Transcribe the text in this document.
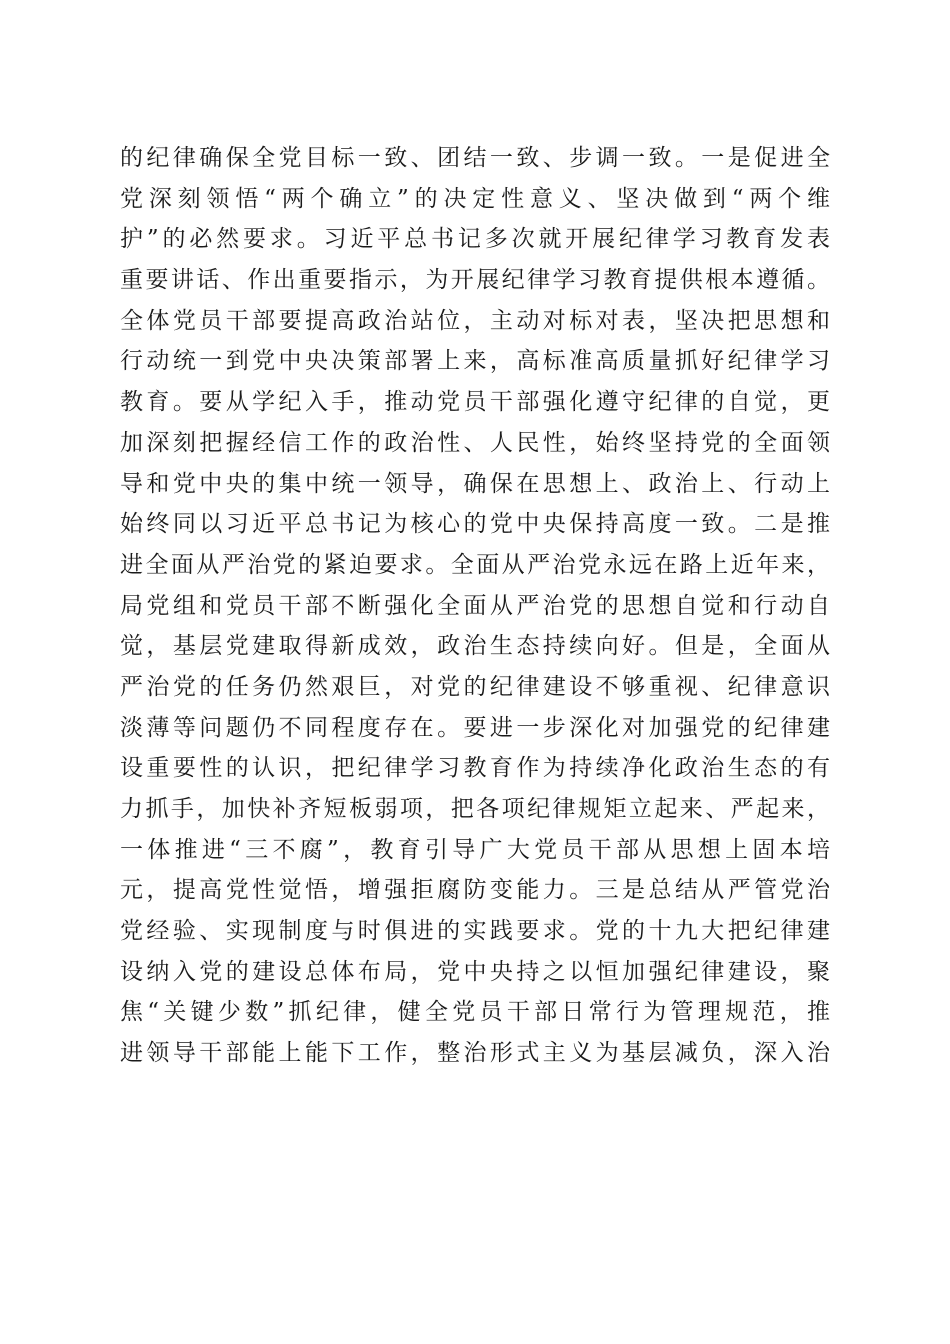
的纪律确保全党目标一致、团结一致、步调一致。一是促进全
党深刻领悟“两个确立”的决定性意义、坚决做到“两个维
护”的必然要求。习近平总书记多次就开展纪律学习教育发表
重要讲话、作出重要指示，为开展纪律学习教育提供根本遵循。
全体党员干部要提高政治站位，主动对标对表，坚决把思想和
行动统一到党中央决策部署上来，高标准高质量抓好纪律学习
教育。要从学纪入手，推动党员干部强化遵守纪律的自觉，更
加深刻把握经信工作的政治性、人民性，始终坚持党的全面领
导和党中央的集中统一领导，确保在思想上、政治上、行动上
始终同以习近平总书记为核心的党中央保持高度一致。二是推
进全面从严治党的紧迫要求。全面从严治党永远在路上近年来，
局党组和党员干部不断强化全面从严治党的思想自觉和行动自
觉，基层党建取得新成效，政治生态持续向好。但是，全面从
严治党的任务仍然艰巨，对党的纪律建设不够重视、纪律意识
淡薄等问题仍不同程度存在。要进一步深化对加强党的纪律建
设重要性的认识，把纪律学习教育作为持续净化政治生态的有
力抓手，加快补齐短板弱项，把各项纪律规矩立起来、严起来，
一体推进“三不腐”，教育引导广大党员干部从思想上固本培
元，提高党性觉悟，增强拒腐防变能力。三是总结从严管党治
党经验、实现制度与时俱进的实践要求。党的十九大把纪律建
设纳入党的建设总体布局，党中央持之以恒加强纪律建设，聚
焦“关键少数”抓纪律，健全党员干部日常行为管理规范，推
进领导干部能上能下工作，整治形式主义为基层减负，深入治
